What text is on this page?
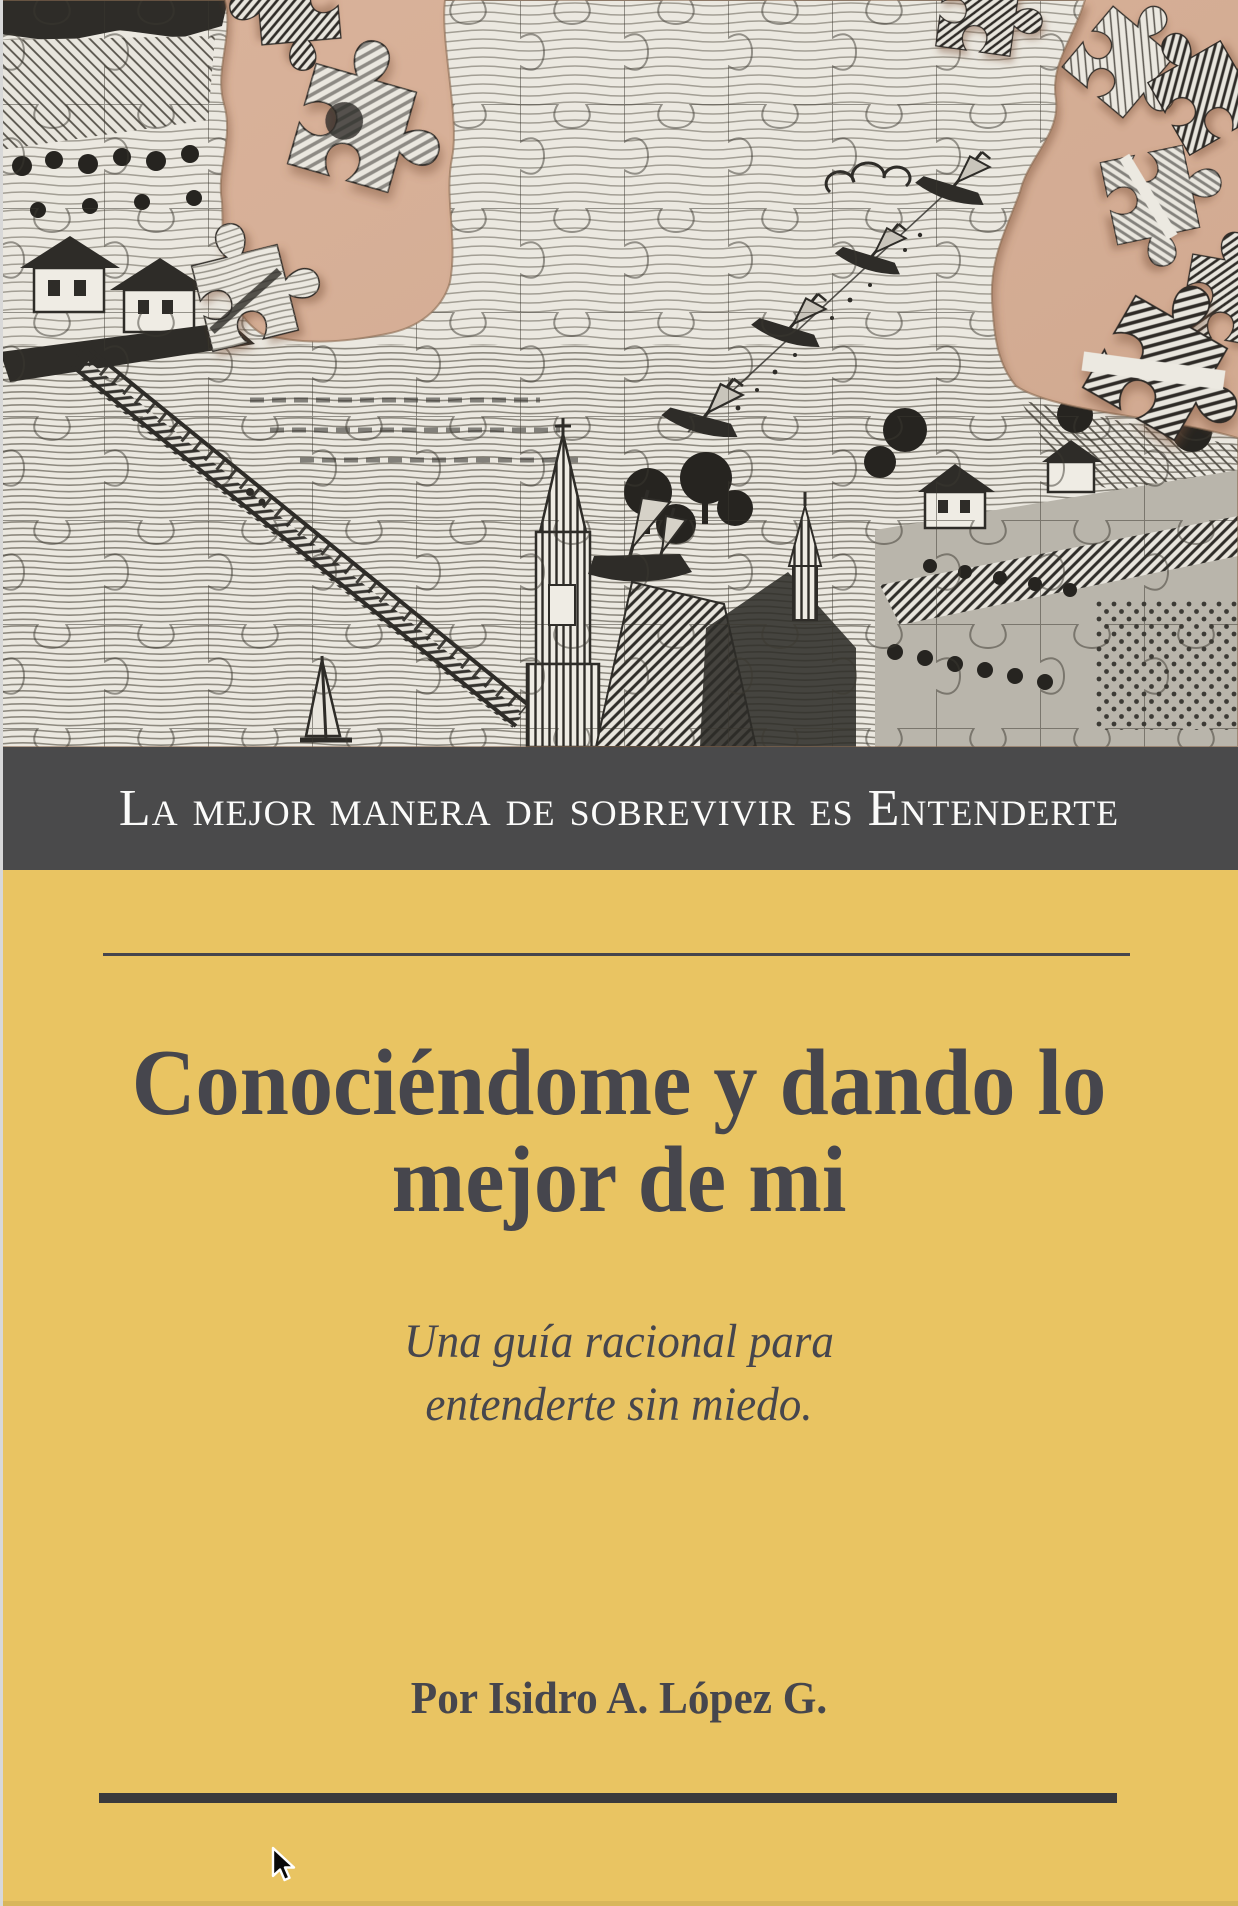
La mejor manera de sobrevivir es Entenderte
Conociéndome y dando lo
mejor de mi
Una guía racional para
entenderte sin miedo.
Por Isidro A. López G.
